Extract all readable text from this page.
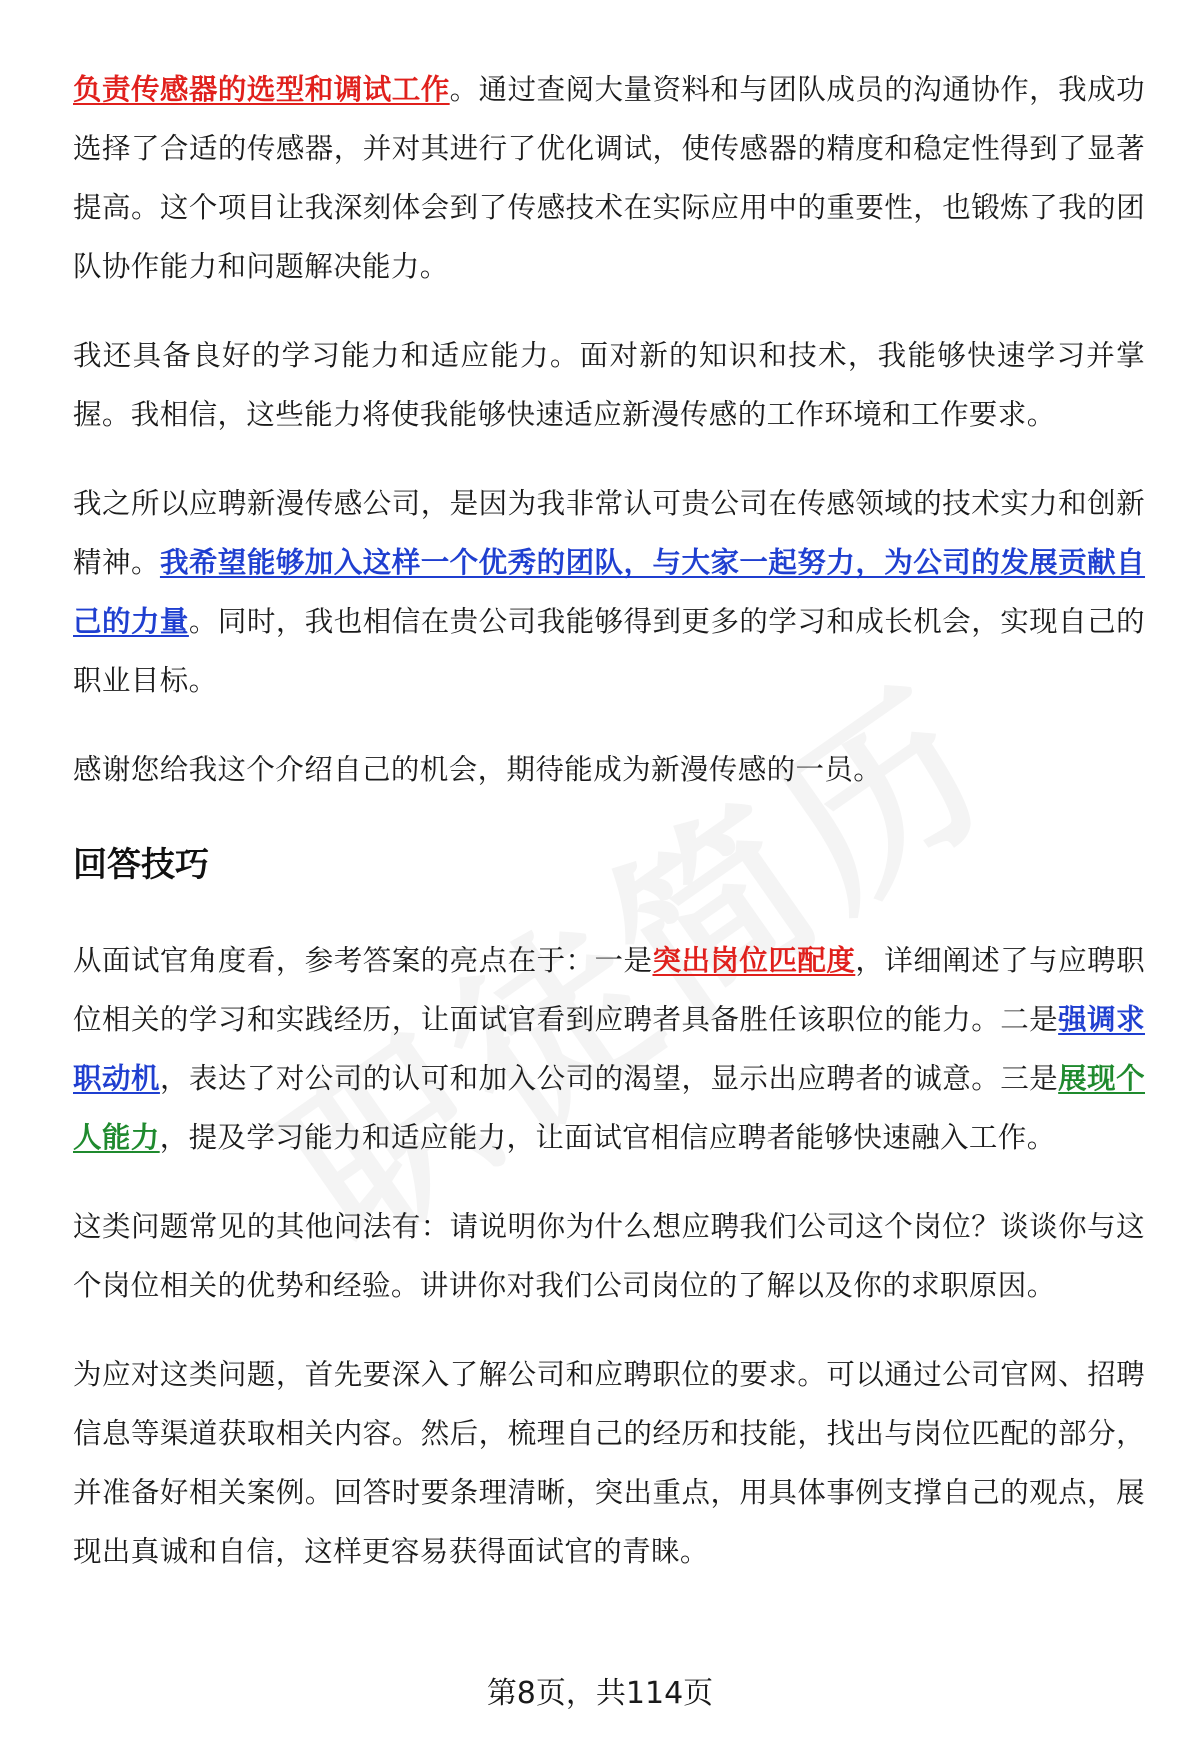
负责传感器的选型和调试工作。通过查阅大量资料和与团队成员的沟通协作，我成功选择了合适的传感器，并对其进行了优化调试，使传感器的精度和稳定性得到了显著提高。这个项目让我深刻体会到了传感技术在实际应用中的重要性，也锻炼了我的团队协作能力和问题解决能力。

我还具备良好的学习能力和适应能力。面对新的知识和技术，我能够快速学习并掌握。我相信，这些能力将使我能够快速适应新漫传感的工作环境和工作要求。

我之所以应聘新漫传感公司，是因为我非常认可贵公司在传感领域的技术实力和创新精神。我希望能够加入这样一个优秀的团队，与大家一起努力，为公司的发展贡献自己的力量。同时，我也相信在贵公司我能够得到更多的学习和成长机会，实现自己的职业目标。

感谢您给我这个介绍自己的机会，期待能成为新漫传感的一员。

回答技巧

从面试官角度看，参考答案的亮点在于：一是突出岗位匹配度，详细阐述了与应聘职位相关的学习和实践经历，让面试官看到应聘者具备胜任该职位的能力。二是强调求职动机，表达了对公司的认可和加入公司的渴望，显示出应聘者的诚意。三是展现个人能力，提及学习能力和适应能力，让面试官相信应聘者能够快速融入工作。

这类问题常见的其他问法有：请说明你为什么想应聘我们公司这个岗位？谈谈你与这个岗位相关的优势和经验。讲讲你对我们公司岗位的了解以及你的求职原因。

为应对这类问题，首先要深入了解公司和应聘职位的要求。可以通过公司官网、招聘信息等渠道获取相关内容。然后，梳理自己的经历和技能，找出与岗位匹配的部分，并准备好相关案例。回答时要条理清晰，突出重点，用具体事例支撑自己的观点，展现出真诚和自信，这样更容易获得面试官的青睐。

第8页，共114页
